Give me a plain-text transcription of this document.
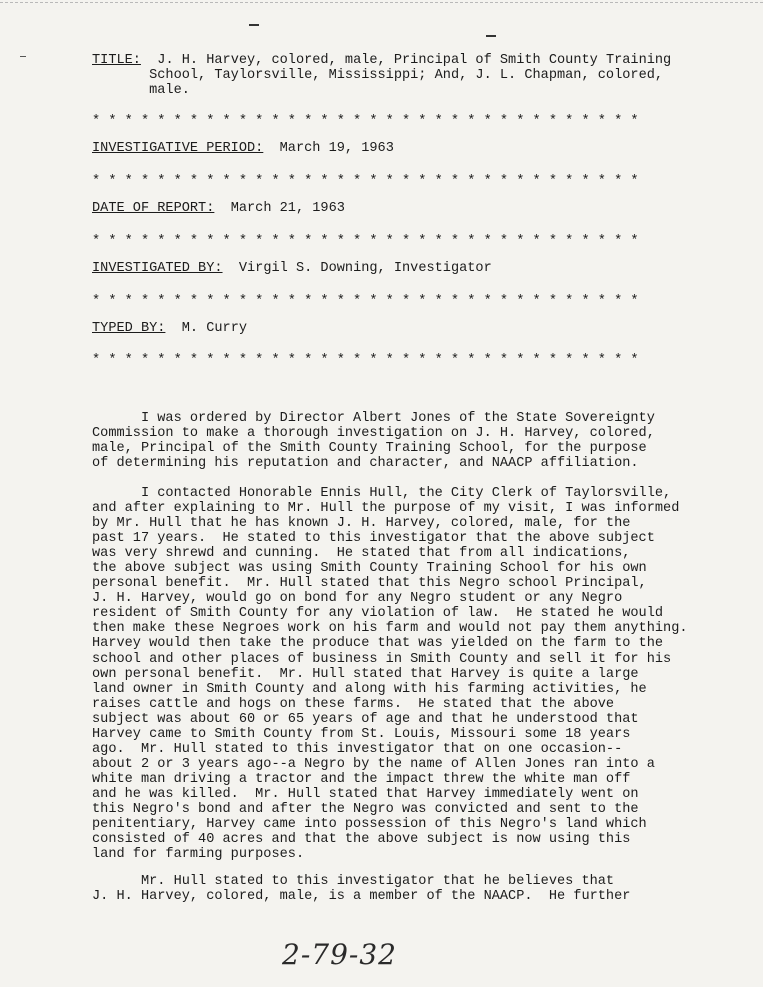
TITLE: J. H. Harvey, colored, male, Principal of Smith County Training
School, Taylorsville, Mississippi; And, J. L. Chapman, colored,
male.
* * * * * * * * * * * * * * * * * * * * * * * * * * * * * * * * * *
INVESTIGATIVE PERIOD: March 19, 1963
* * * * * * * * * * * * * * * * * * * * * * * * * * * * * * * * * *
DATE OF REPORT: March 21, 1963
* * * * * * * * * * * * * * * * * * * * * * * * * * * * * * * * * *
INVESTIGATED BY: Virgil S. Downing, Investigator
* * * * * * * * * * * * * * * * * * * * * * * * * * * * * * * * * *
TYPED BY: M. Curry
* * * * * * * * * * * * * * * * * * * * * * * * * * * * * * * * * *
I was ordered by Director Albert Jones of the State Sovereignty
Commission to make a thorough investigation on J. H. Harvey, colored,
male, Principal of the Smith County Training School, for the purpose
of determining his reputation and character, and NAACP affiliation.
I contacted Honorable Ennis Hull, the City Clerk of Taylorsville,
and after explaining to Mr. Hull the purpose of my visit, I was informed
by Mr. Hull that he has known J. H. Harvey, colored, male, for the
past 17 years.  He stated to this investigator that the above subject
was very shrewd and cunning.  He stated that from all indications,
the above subject was using Smith County Training School for his own
personal benefit.  Mr. Hull stated that this Negro school Principal,
J. H. Harvey, would go on bond for any Negro student or any Negro
resident of Smith County for any violation of law.  He stated he would
then make these Negroes work on his farm and would not pay them anything.
Harvey would then take the produce that was yielded on the farm to the
school and other places of business in Smith County and sell it for his
own personal benefit.  Mr. Hull stated that Harvey is quite a large
land owner in Smith County and along with his farming activities, he
raises cattle and hogs on these farms.  He stated that the above
subject was about 60 or 65 years of age and that he understood that
Harvey came to Smith County from St. Louis, Missouri some 18 years
ago.  Mr. Hull stated to this investigator that on one occasion--
about 2 or 3 years ago--a Negro by the name of Allen Jones ran into a
white man driving a tractor and the impact threw the white man off
and he was killed.  Mr. Hull stated that Harvey immediately went on
this Negro's bond and after the Negro was convicted and sent to the
penitentiary, Harvey came into possession of this Negro's land which
consisted of 40 acres and that the above subject is now using this
land for farming purposes.
Mr. Hull stated to this investigator that he believes that
J. H. Harvey, colored, male, is a member of the NAACP.  He further
2-79-32
